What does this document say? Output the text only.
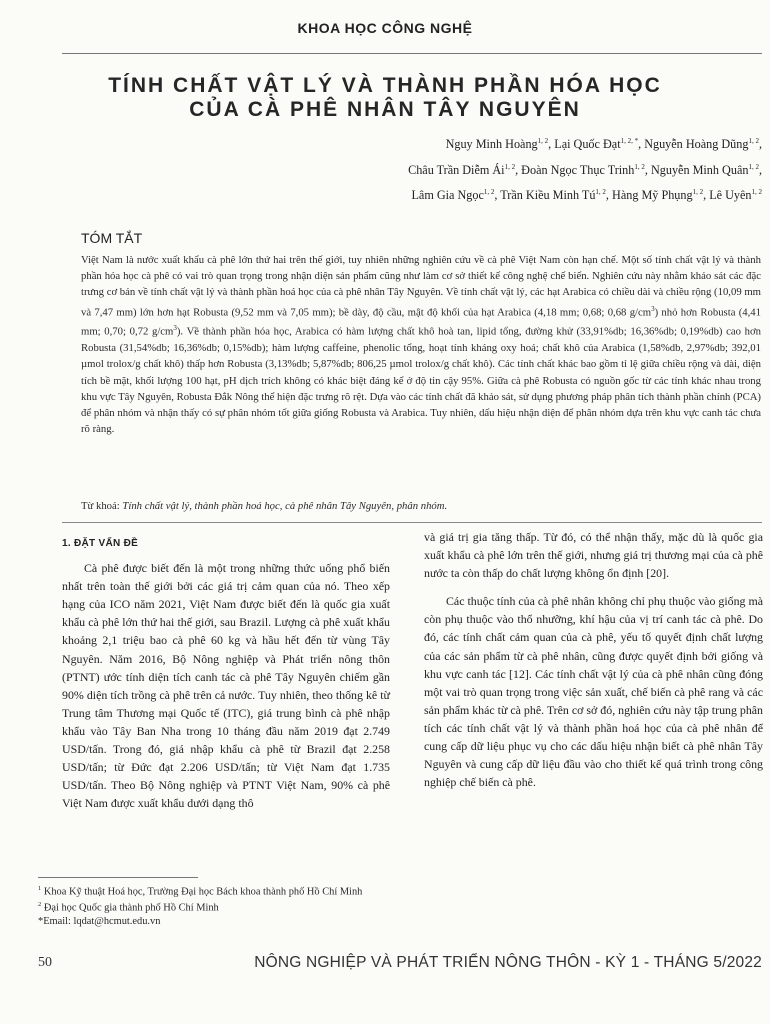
KHOA HỌC CÔNG NGHỆ
TÍNH CHẤT VẬT LÝ VÀ THÀNH PHẦN HÓA HỌC
CỦA CÀ PHÊ NHÂN TÂY NGUYÊN
Nguy Minh Hoàng$^{1, 2}$, Lại Quốc Đạt$^{1, 2, *}$, Nguyễn Hoàng Dũng$^{1, 2}$,
Châu Trần Diễm Ái$^{1, 2}$, Đoàn Ngọc Thục Trinh$^{1, 2}$, Nguyễn Minh Quân$^{1, 2}$,
Lâm Gia Ngọc$^{1, 2}$, Trần Kiều Minh Tú$^{1, 2}$, Hàng Mỹ Phụng$^{1, 2}$, Lê Uyên$^{1, 2}$
TÓM TẮT
Việt Nam là nước xuất khẩu cà phê lớn thứ hai trên thế giới, tuy nhiên những nghiên cứu về cà phê Việt Nam còn hạn chế. Một số tính chất vật lý và thành phần hóa học cà phê có vai trò quan trọng trong nhận diện sản phẩm cũng như làm cơ sở thiết kế công nghệ chế biến. Nghiên cứu này nhằm khảo sát các đặc trưng cơ bản về tính chất vật lý và thành phần hoá học của cà phê nhân Tây Nguyên. Về tính chất vật lý, các hạt Arabica có chiều dài và chiều rộng (10,09 mm và 7,47 mm) lớn hơn hạt Robusta (9,52 mm và 7,05 mm); bề dày, độ cầu, mật độ khối của hạt Arabica (4,18 mm; 0,68; 0,68 $g/cm^3$) nhỏ hơn Robusta (4,41 mm; 0,70; 0,72 $g/cm^3$). Về thành phần hóa học, Arabica có hàm lượng chất khô hoà tan, lipid tổng, đường khử (33,91%db; 16,36%db; 0,19%db) cao hơn Robusta (31,54%db; 16,36%db; 0,15%db); hàm lượng caffeine, phenolic tổng, hoạt tính kháng oxy hoá; chất khô của Arabica (1,58%db, 2,97%db; 392,01 µmol trolox/g chất khô) thấp hơn Robusta (3,13%db; 5,87%db; 806,25 µmol trolox/g chất khô). Các tính chất khác bao gồm tỉ lệ giữa chiều rộng và dài, diện tích bề mặt, khối lượng 100 hạt, pH dịch trích không có khác biệt đáng kể ở độ tin cậy 95%. Giữa cà phê Robusta có nguồn gốc từ các tỉnh khác nhau trong khu vực Tây Nguyên, Robusta Đắk Nông thể hiện đặc trưng rõ rệt. Dựa vào các tính chất đã khảo sát, sử dụng phương pháp phân tích thành phần chính (PCA) để phân nhóm và nhận thấy có sự phân nhóm tốt giữa giống Robusta và Arabica. Tuy nhiên, dấu hiệu nhận diện để phân nhóm dựa trên khu vực canh tác chưa rõ ràng.
Từ khoá: Tính chất vật lý, thành phần hoá học, cà phê nhân Tây Nguyên, phân nhóm.
1. ĐẶT VẤN ĐỀ

Cà phê được biết đến là một trong những thức uống phổ biến nhất trên toàn thế giới bởi các giá trị cảm quan của nó. Theo xếp hạng của ICO năm 2021, Việt Nam được biết đến là quốc gia xuất khẩu cà phê lớn thứ hai thế giới, sau Brazil. Lượng cà phê xuất khẩu khoảng 2,1 triệu bao cà phê 60 kg và hầu hết đến từ vùng Tây Nguyên. Năm 2016, Bộ Nông nghiệp và Phát triển nông thôn (PTNT) ước tính diện tích canh tác cà phê Tây Nguyên chiếm gần 90% diện tích trồng cà phê trên cả nước. Tuy nhiên, theo thống kê từ Trung tâm Thương mại Quốc tế (ITC), giá trung bình cà phê nhập khẩu vào Tây Ban Nha trong 10 tháng đầu năm 2019 đạt 2.749 USD/tấn. Trong đó, giá nhập khẩu cà phê từ Brazil đạt 2.258 USD/tấn; từ Đức đạt 2.206 USD/tấn; từ Việt Nam đạt 1.735 USD/tấn. Theo Bộ Nông nghiệp và PTNT Việt Nam, 90% cà phê Việt Nam được xuất khẩu dưới dạng thô

và giá trị gia tăng thấp. Từ đó, có thể nhận thấy, mặc dù là quốc gia xuất khẩu cà phê lớn trên thế giới, nhưng giá trị thương mại của cà phê nước ta còn thấp do chất lượng không ổn định [20].

Các thuộc tính của cà phê nhân không chỉ phụ thuộc vào giống mà còn phụ thuộc vào thổ nhưỡng, khí hậu của vị trí canh tác cà phê. Do đó, các tính chất cảm quan của cà phê, yếu tố quyết định chất lượng của các sản phẩm từ cà phê nhân, cũng được quyết định bởi giống và khu vực canh tác [12]. Các tính chất vật lý của cà phê nhân cũng đóng một vai trò quan trọng trong việc sản xuất, chế biến cà phê rang và các sản phẩm khác từ cà phê. Trên cơ sở đó, nghiên cứu này tập trung phân tích các tính chất vật lý và thành phần hoá học của cà phê nhân để cung cấp dữ liệu phục vụ cho các dấu hiệu nhận biết cà phê nhân Tây Nguyên và cung cấp dữ liệu đầu vào cho thiết kế quá trình trong công nghiệp chế biến cà phê.

$^1$ Khoa Kỹ thuật Hoá học, Trường Đại học Bách khoa thành phố Hồ Chí Minh
$^2$ Đại học Quốc gia thành phố Hồ Chí Minh
*Email: lqdat@hcmut.edu.vn
50	NÔNG NGHIỆP VÀ PHÁT TRIỂN NÔNG THÔN - KỲ 1 - THÁNG 5/2022
